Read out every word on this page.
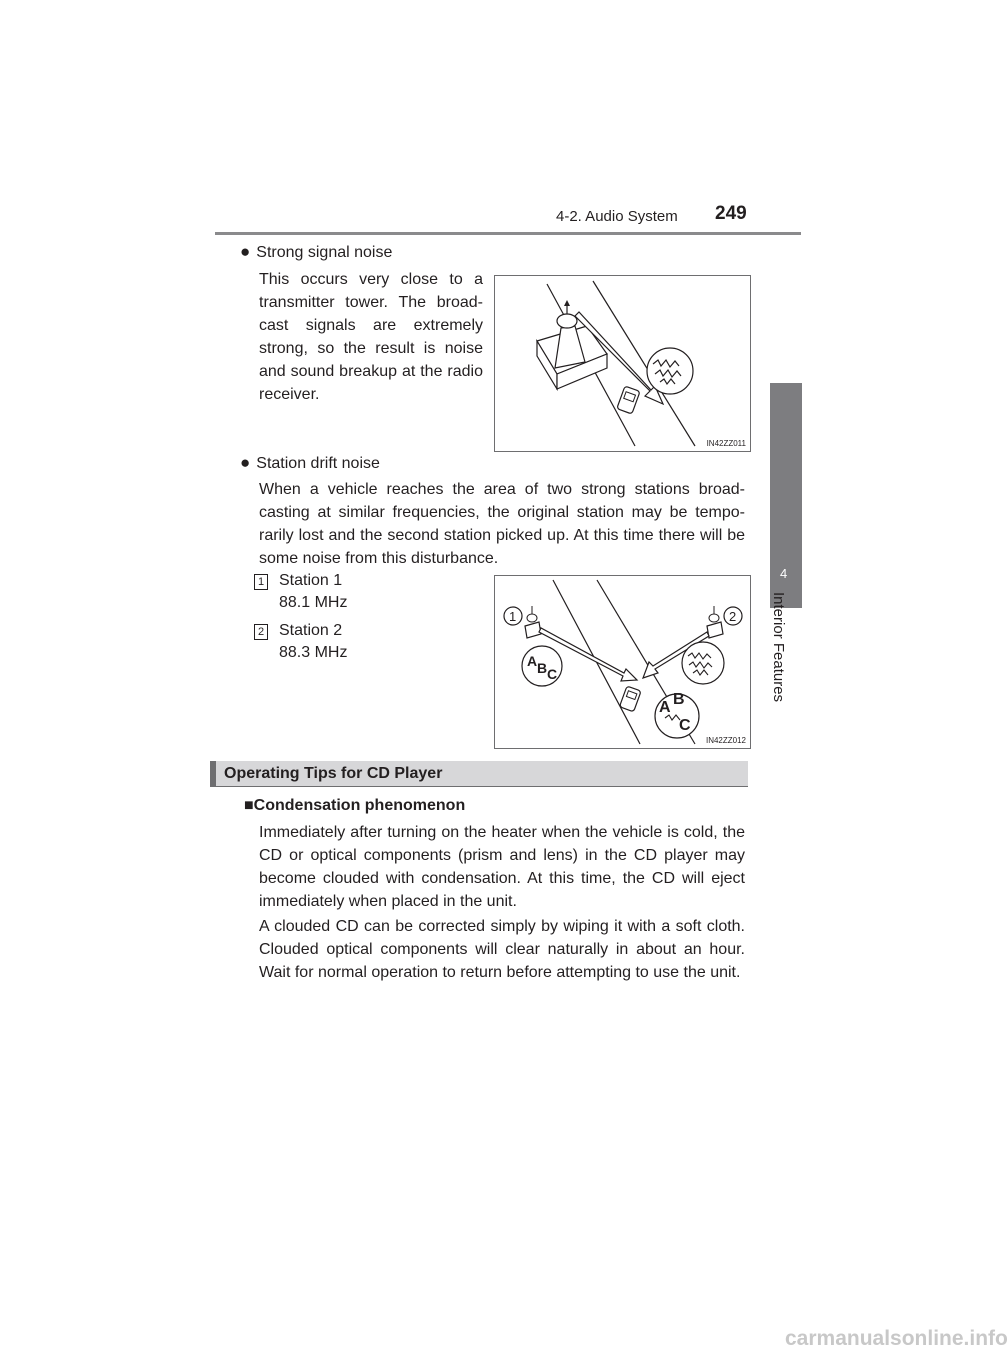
4-2. Audio System 249
4
Interior Features
● Strong signal noise
This occurs very close to a transmitter tower. The broad-cast signals are extremely strong, so the result is noise and sound breakup at the radio receiver.
IN42ZZ011
● Station drift noise
When a vehicle reaches the area of two strong stations broad-casting at similar frequencies, the original station may be tempo-rarily lost and the second station picked up. At this time there will be some noise from this disturbance.
1 Station 1
88.1 MHz
2 Station 2
88.3 MHz
1	2
A B C
A B
C
IN42ZZ012
Operating Tips for CD Player
■Condensation phenomenon
Immediately after turning on the heater when the vehicle is cold, the CD or optical components (prism and lens) in the CD player may become clouded with condensation. At this time, the CD will eject immediately when placed in the unit.
A clouded CD can be corrected simply by wiping it with a soft cloth. Clouded optical components will clear naturally in about an hour. Wait for normal operation to return before attempting to use the unit.
carmanualsonline.info
